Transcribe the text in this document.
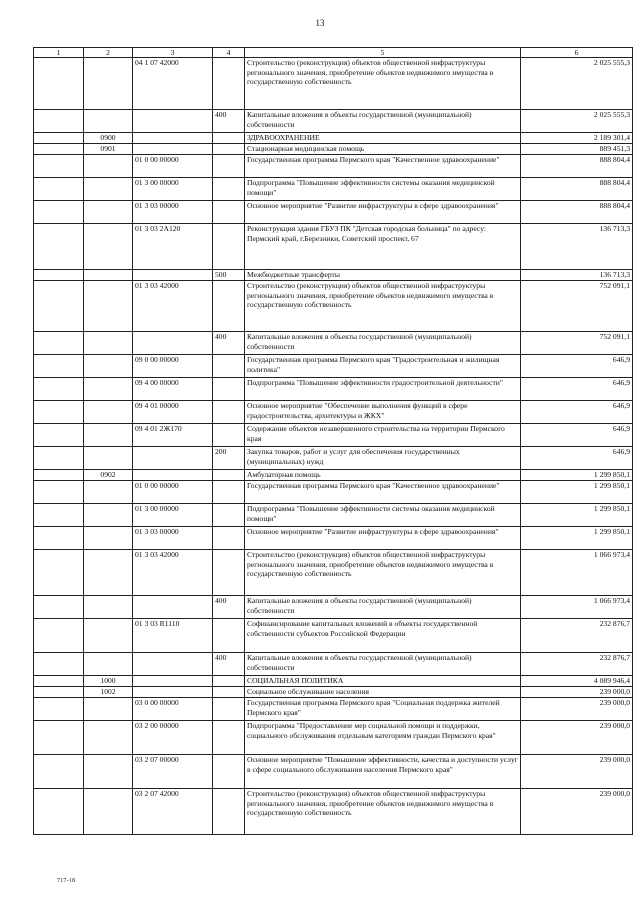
13
1	2	3	4	5	6
		04 1 07 42000		Строительство (реконструкция) объектов общественной инфраструктуры регионального значения, приобретение объектов недвижимого имущества в государственную собственность	2 025 555,3
			400	Капитальные вложения в объекты государственной (муниципальной) собственности	2 025 555,3
	0900			ЗДРАВООХРАНЕНИЕ	2 189 301,4
	0901			Стационарная медицинская помощь	889 451,3
		01 0 00 00000		Государственная программа Пермского края "Качественное здравоохранение"	888 804,4
		01 3 00 00000		Подпрограмма "Повышение эффективности системы оказания медицинской помощи"	888 804,4
		01 3 03 00000		Основное мероприятие "Развитие инфраструктуры в сфере здравоохранения"	888 804,4
		01 3 03 2А120		Реконструкция здания ГБУЗ ПК "Детская городская больница" по адресу: Пермский край, г.Березники, Советский проспект, 67	136 713,3
			500	Межбюджетные трансферты	136 713,3
		01 3 03 42000		Строительство (реконструкция) объектов общественной инфраструктуры регионального значения, приобретение объектов недвижимого имущества в государственную собственность	752 091,1
			400	Капитальные вложения в объекты государственной (муниципальной) собственности	752 091,1
		09 0 00 00000		Государственная программа Пермского края "Градостроительная и жилищная политика"	646,9
		09 4 00 00000		Подпрограмма "Повышение эффективности градостроительной деятельности"	646,9
		09 4 01 00000		Основное мероприятие "Обеспечение выполнения функций в сфере градостроительства, архитектуры и ЖКХ"	646,9
		09 4 01 2Ж170		Содержание объектов незавершенного строительства на территории Пермского края	646,9
			200	Закупка товаров, работ и услуг для обеспечения государственных (муниципальных) нужд	646,9
	0902			Амбулаторная помощь	1 299 850,1
		01 0 00 00000		Государственная программа Пермского края "Качественное здравоохранение"	1 299 850,1
		01 3 00 00000		Подпрограмма "Повышение эффективности системы оказания медицинской помощи"	1 299 850,1
		01 3 03 00000		Основное мероприятие "Развитие инфраструктуры в сфере здравоохранения"	1 299 850,1
		01 3 03 42000		Строительство (реконструкция) объектов общественной инфраструктуры регионального значения, приобретение объектов недвижимого имущества в государственную собственность	1 066 973,4
			400	Капитальные вложения в объекты государственной (муниципальной) собственности	1 066 973,4
		01 3 03 R1110		Софинансирование капитальных вложений в объекты государственной собственности субъектов Российской Федерации	232 876,7
			400	Капитальные вложения в объекты государственной (муниципальной) собственности	232 876,7
	1000			СОЦИАЛЬНАЯ ПОЛИТИКА	4 089 946,4
	1002			Социальное обслуживание населения	239 000,0
		03 0 00 00000		Государственная программа Пермского края "Социальная поддержка жителей Пермского края"	239 000,0
		03 2 00 00000		Подпрограмма "Предоставление мер социальной помощи и поддержки, социального обслуживания отдельным категориям граждан Пермского края"	239 000,0
		03 2 07 00000		Основное мероприятие "Повышение эффективности, качества и доступности услуг в сфере социального обслуживания населения Пермского края"	239 000,0
		03 2 07 42000		Строительство (реконструкция) объектов общественной инфраструктуры регионального значения, приобретение объектов недвижимого имущества в государственную собственность	239 000,0
717-18
